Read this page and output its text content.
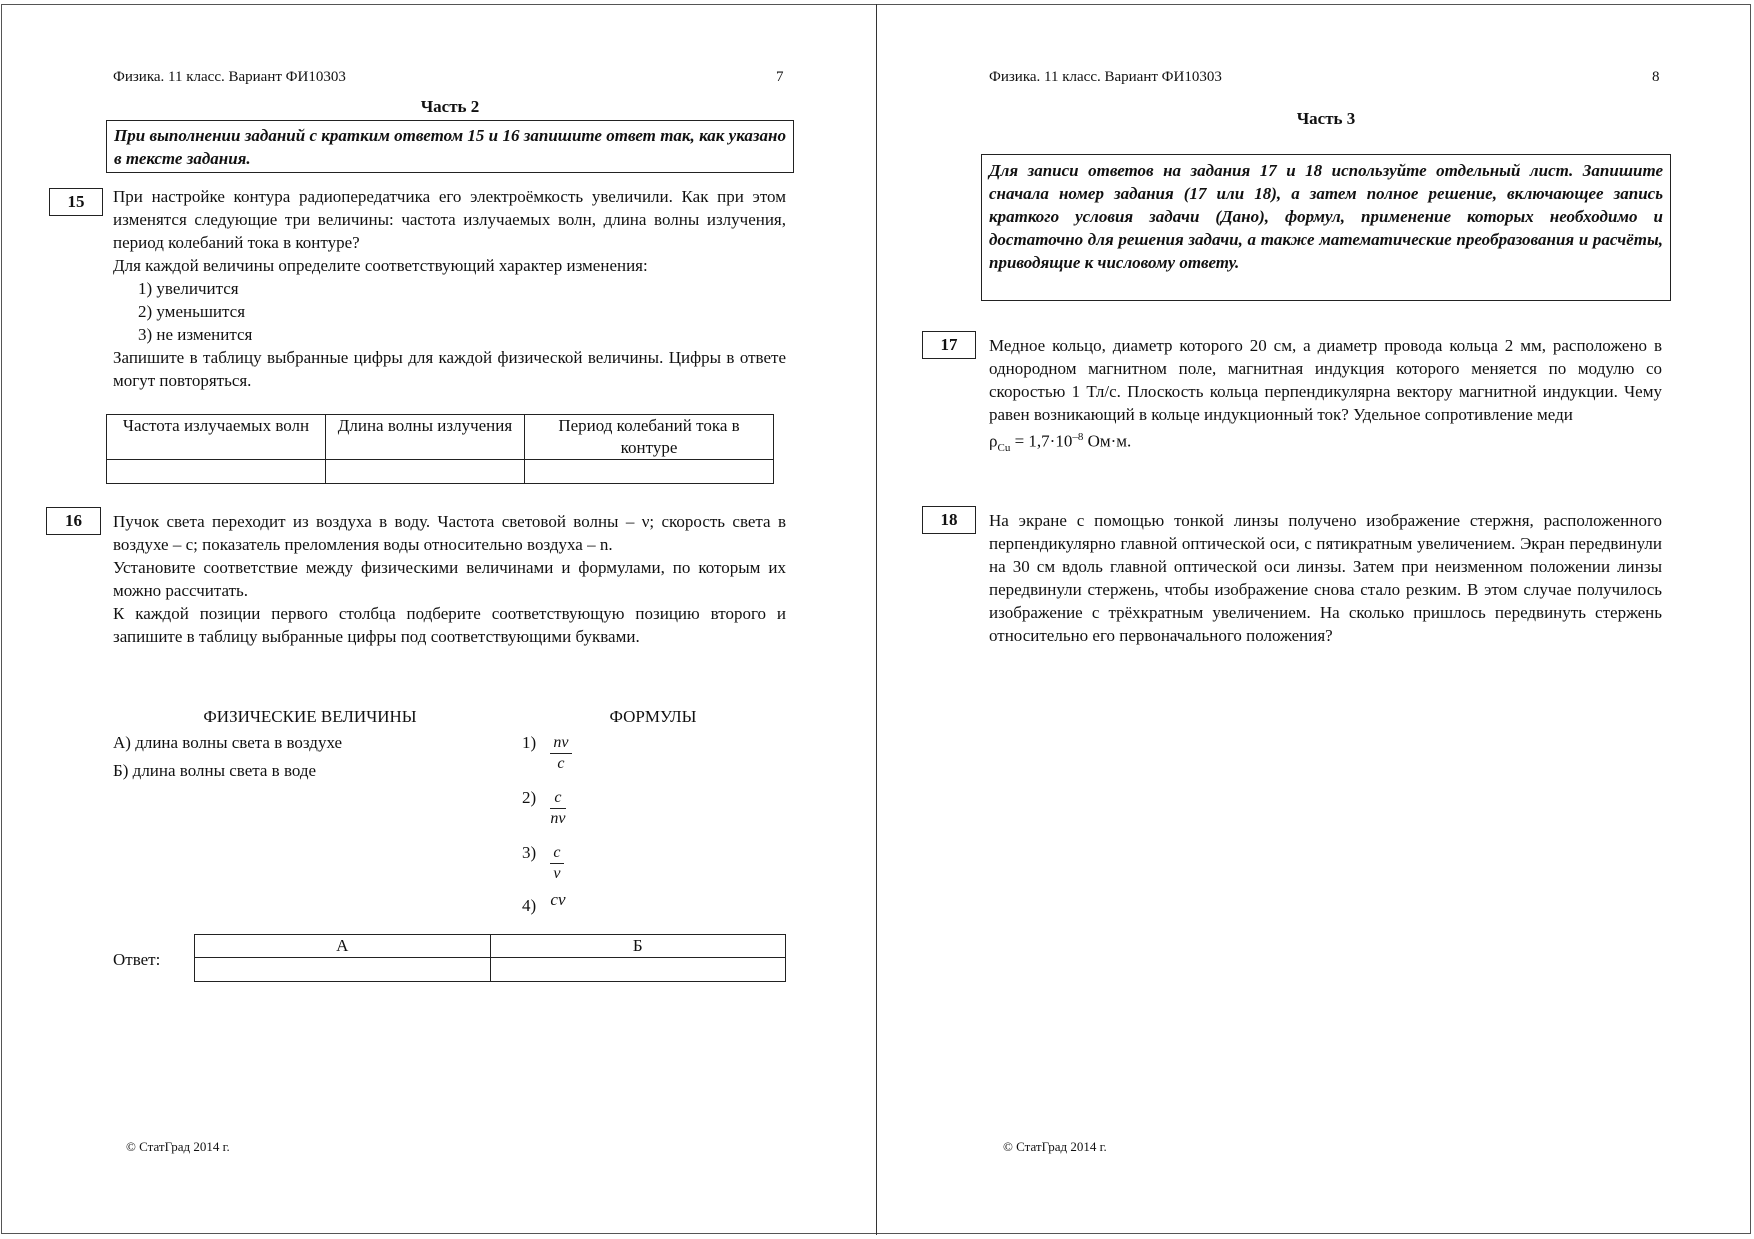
Физика. 11 класс. Вариант ФИ10303	7
Часть 2
При выполнении заданий с кратким ответом 15 и 16 запишите ответ так, как указано в тексте задания.
15	При настройке контура радиопередатчика его электроёмкость увеличили. Как при этом изменятся следующие три величины: частота излучаемых волн, длина волны излучения, период колебаний тока в контуре?

Для каждой величины определите соответствующий характер изменения:

1) увеличится

2) уменьшится

3) не изменится

Запишите в таблицу выбранные цифры для каждой физической величины. Цифры в ответе могут повторяться.

Частота излучаемых волн	Длина волны излучения	Период колебаний тока в контуре

16	Пучок света переходит из воздуха в воду. Частота световой волны – ν; скорость света в воздухе – c; показатель преломления воды относительно воздуха – n.

Установите соответствие между физическими величинами и формулами, по которым их можно рассчитать.

К каждой позиции первого столбца подберите соответствующую позицию второго и запишите в таблицу выбранные цифры под соответствующими буквами.

ФИЗИЧЕСКИЕ ВЕЛИЧИНЫ	ФОРМУЛЫ
А) длина волны света в воздухе
Б) длина волны света в воде
$1) \frac{n\nu}{c}$
$2) \frac{c}{n\nu}$
$3) \frac{c}{\nu}$
4) cν
Ответ:
А	Б

© СтатГрад 2014 г.
Физика. 11 класс. Вариант ФИ10303	8
Часть 3
Для записи ответов на задания 17 и 18 используйте отдельный лист. Запишите сначала номер задания (17 или 18), а затем полное решение, включающее запись краткого условия задачи (Дано), формул, применение которых необходимо и достаточно для решения задачи, а также математические преобразования и расчёты, приводящие к числовому ответу.
17	Медное кольцо, диаметр которого 20 см, а диаметр провода кольца 2 мм, расположено в однородном магнитном поле, магнитная индукция которого меняется по модулю со скоростью 1 Тл/с. Плоскость кольца перпендикулярна вектору магнитной индукции. Чему равен возникающий в кольце индукционный ток? Удельное сопротивление меди
$\rho_{Cu} = 1,7\cdot 10^{-8}$ Ом·м.

18	На экране с помощью тонкой линзы получено изображение стержня, расположенного перпендикулярно главной оптической оси, с пятикратным увеличением. Экран передвинули на 30 см вдоль главной оптической оси линзы. Затем при неизменном положении линзы передвинули стержень, чтобы изображение снова стало резким. В этом случае получилось изображение с трёхкратным увеличением. На сколько пришлось передвинуть стержень относительно его первоначального положения?

© СтатГрад 2014 г.
